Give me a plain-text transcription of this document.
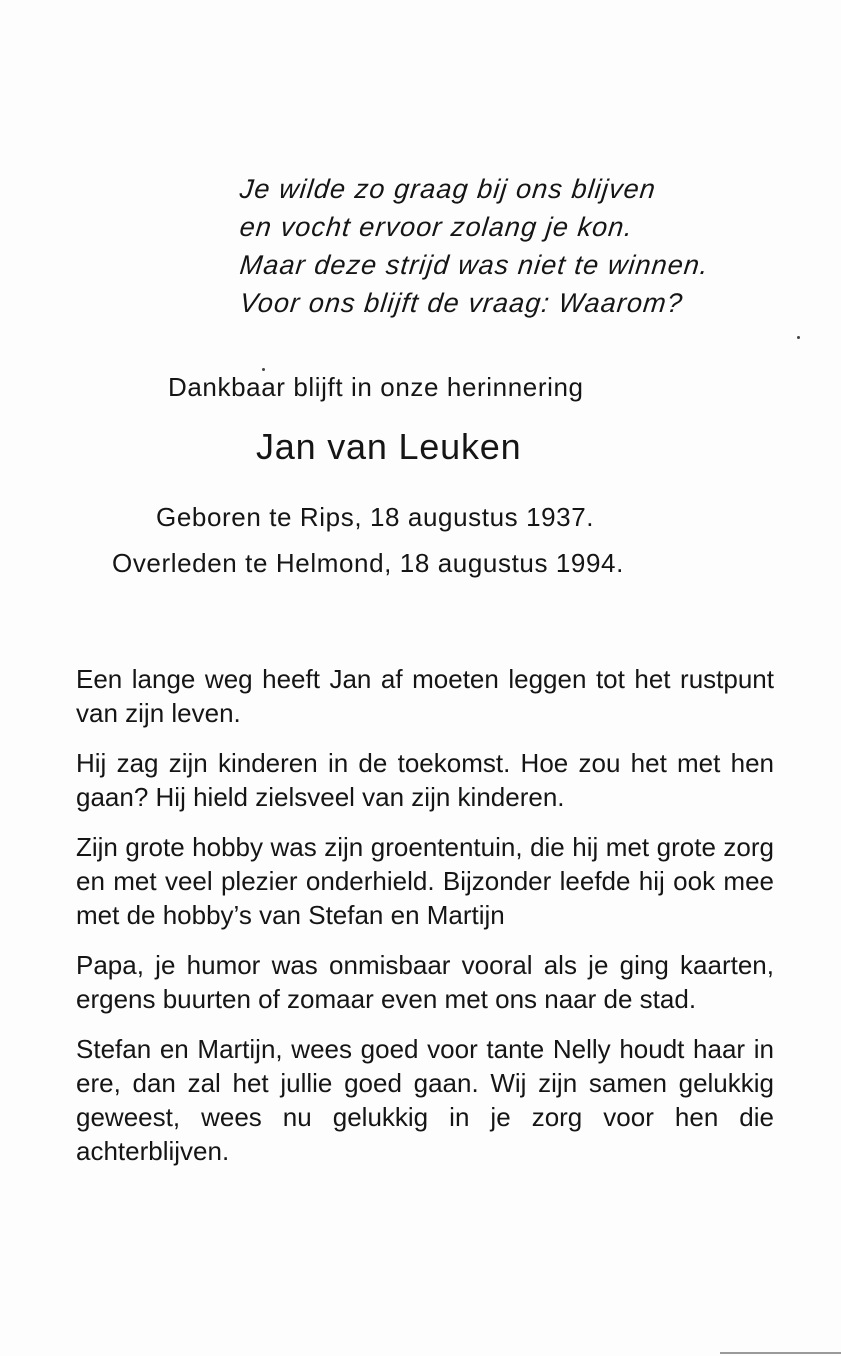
Je wilde zo graag bij ons blijven
en vocht ervoor zolang je kon.
Maar deze strijd was niet te winnen.
Voor ons blijft de vraag: Waarom?
Dankbaar blijft in onze herinnering
Jan van Leuken
Geboren te Rips, 18 augustus 1937.
Overleden te Helmond, 18 augustus 1994.

Een lange weg heeft Jan af moeten leggen tot het rustpunt van zijn leven.

Hij zag zijn kinderen in de toekomst. Hoe zou het met hen gaan? Hij hield zielsveel van zijn kinderen.

Zijn grote hobby was zijn groententuin, die hij met grote zorg en met veel plezier onderhield. Bijzonder leefde hij ook mee met de hobby’s van Stefan en Martijn

Papa, je humor was onmisbaar vooral als je ging kaarten, ergens buurten of zomaar even met ons naar de stad.

Stefan en Martijn, wees goed voor tante Nelly houdt haar in ere, dan zal het jullie goed gaan. Wij zijn samen gelukkig geweest, wees nu gelukkig in je zorg voor hen die achterblijven.
